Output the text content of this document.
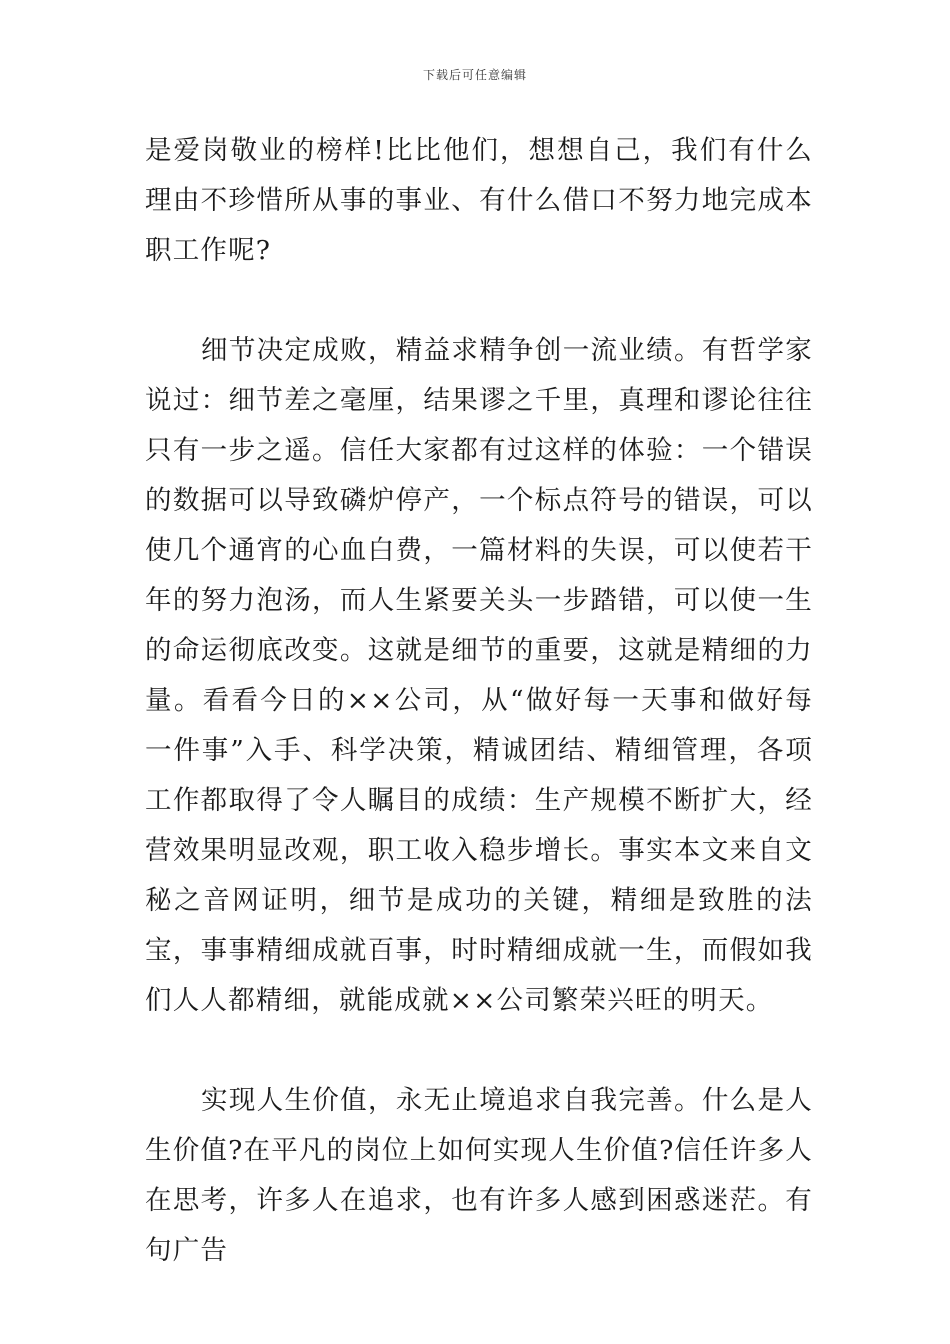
下载后可任意编辑

是爱岗敬业的榜样!比比他们，想想自己，我们有什么理由不珍惜所从事的事业、有什么借口不努力地完成本职工作呢?

细节决定成败，精益求精争创一流业绩。有哲学家说过：细节差之毫厘，结果谬之千里，真理和谬论往往只有一步之遥。信任大家都有过这样的体验：一个错误的数据可以导致磷炉停产，一个标点符号的错误，可以使几个通宵的心血白费，一篇材料的失误，可以使若干年的努力泡汤，而人生紧要关头一步踏错，可以使一生的命运彻底改变。这就是细节的重要，这就是精细的力量。看看今日的××公司，从“做好每一天事和做好每一件事”入手、科学决策，精诚团结、精细管理，各项工作都取得了令人瞩目的成绩：生产规模不断扩大，经营效果明显改观，职工收入稳步增长。事实本文来自文秘之音网证明，细节是成功的关键，精细是致胜的法宝，事事精细成就百事，时时精细成就一生，而假如我们人人都精细，就能成就××公司繁荣兴旺的明天。

实现人生价值，永无止境追求自我完善。什么是人生价值?在平凡的岗位上如何实现人生价值?信任许多人在思考，许多人在追求，也有许多人感到困惑迷茫。有句广告
